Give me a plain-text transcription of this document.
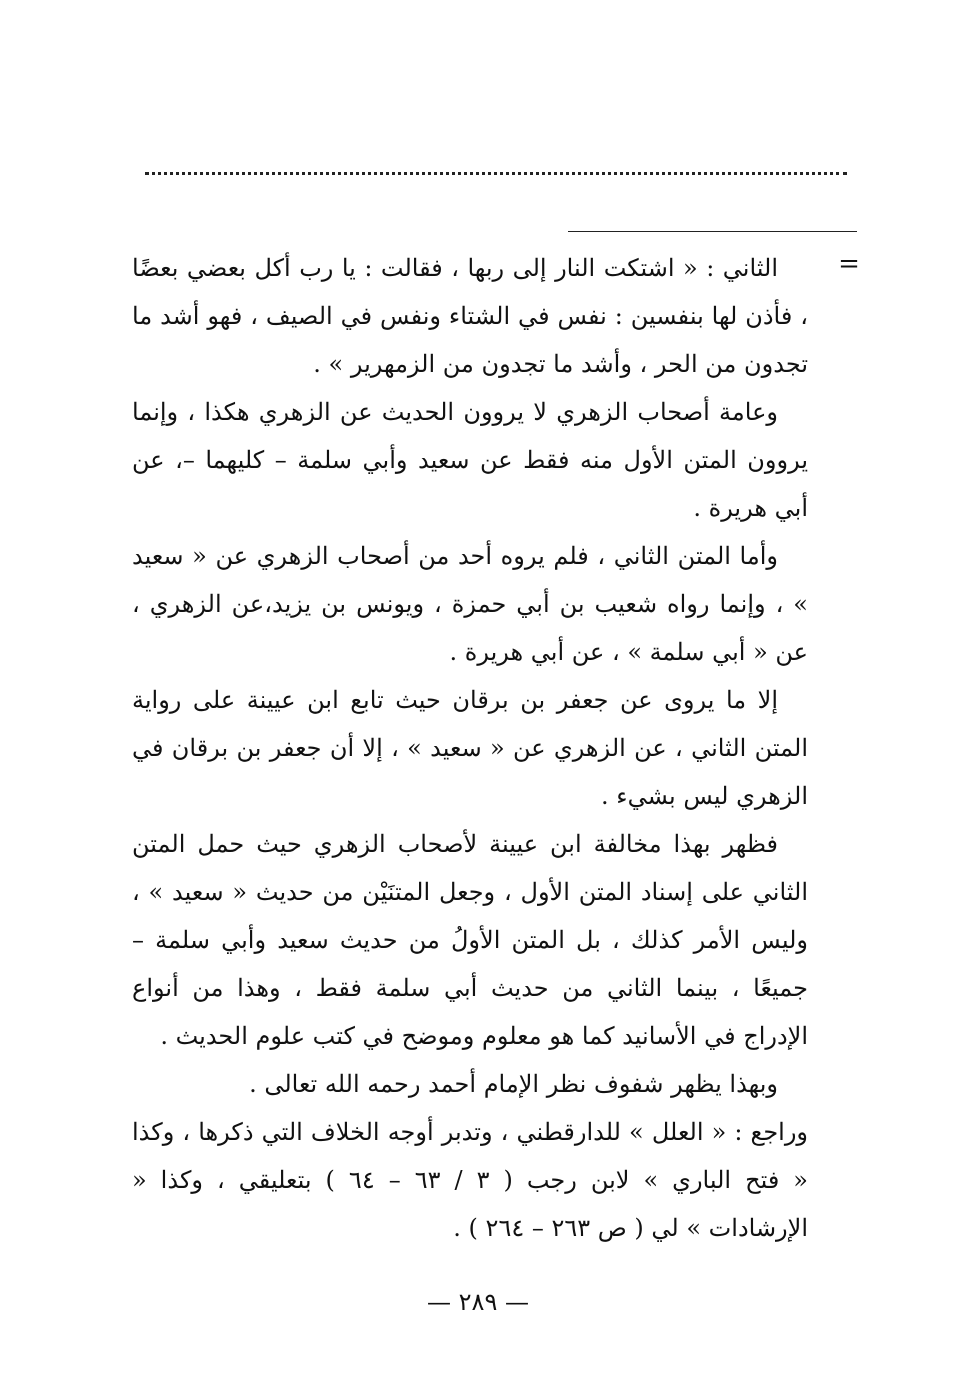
=

الثاني : « اشتكت النار إلى ربها ، فقالت : يا رب أكل بعضي بعضًا ، فأذن لها بنفسين : نفس في الشتاء ونفس في الصيف ، فهو أشد ما تجدون من الحر ، وأشد ما تجدون من الزمهرير » .

وعامة أصحاب الزهري لا يروون الحديث عن الزهري هكذا ، وإنما يروون المتن الأول منه فقط عن سعيد وأبي سلمة – كليهما –، عن أبي هريرة .

وأما المتن الثاني ، فلم يروه أحد من أصحاب الزهري عن « سعيد » ، وإنما رواه شعيب بن أبي حمزة ، ويونس بن يزيد،عن الزهري ، عن « أبي سلمة » ، عن أبي هريرة .

إلا ما يروى عن جعفر بن برقان حيث تابع ابن عيينة على رواية المتن الثاني ، عن الزهري عن « سعيد » ، إلا أن جعفر بن برقان في الزهري ليس بشيء .

فظهر بهذا مخالفة ابن عيينة لأصحاب الزهري حيث حمل المتن الثاني على إسناد المتن الأول ، وجعل المتنَيْن من حديث « سعيد » ، وليس الأمر كذلك ، بل المتن الأولُ من حديث سعيد وأبي سلمة – جميعًا ، بينما الثاني من حديث أبي سلمة فقط ، وهذا من أنواع الإدراج في الأسانيد كما هو معلوم وموضح في كتب علوم الحديث .

وبهذا يظهر شفوف نظر الإمام أحمد رحمه الله تعالى .

وراجع : « العلل » للدارقطني ، وتدبر أوجه الخلاف التي ذكرها ، وكذا « فتح الباري » لابن رجب ( ٣ / ٦٣ – ٦٤ ) بتعليقي ، وكذا « الإرشادات » لي ( ص ٢٦٣ – ٢٦٤ ) .

— ٢٨٩ —
